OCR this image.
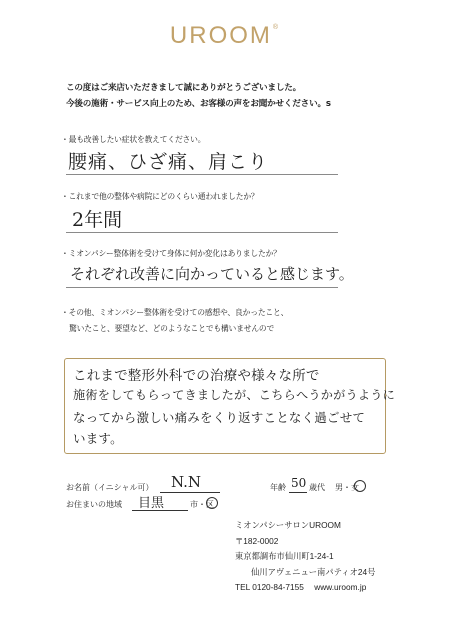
UROOM®
この度はご来店いただきまして誠にありがとうございました。
今後の施術・サービス向上のため、お客様の声をお聞かせください。s
・最も改善したい症状を教えてください。
腰痛、ひざ痛、肩こり
・これまで他の整体や病院にどのくらい通われましたか？
2年間
・ミオンパシー整体術を受けて身体に何か変化はありましたか？
それぞれ改善に向かっていると感じます。
・その他、ミオンパシー整体術を受けての感想や、良かったこと、
驚いたこと、要望など、どのようなことでも構いませんので
これまで整形外科での治療や様々な所で
施術をしてもらってきましたが、こちらへうかがうように
なってから激しい痛みをくり返すことなく過ごせて
います。
お名前（イニシャル可） N.N	年齢 50 歳代 男・女
お住まいの地域 目黒	市・区
ミオンパシーサロンUROOM
〒182-0002
東京都調布市仙川町1-24-1
仙川アヴェニュー南パティオ24号
TEL 0120-84-7155 www.uroom.jp
